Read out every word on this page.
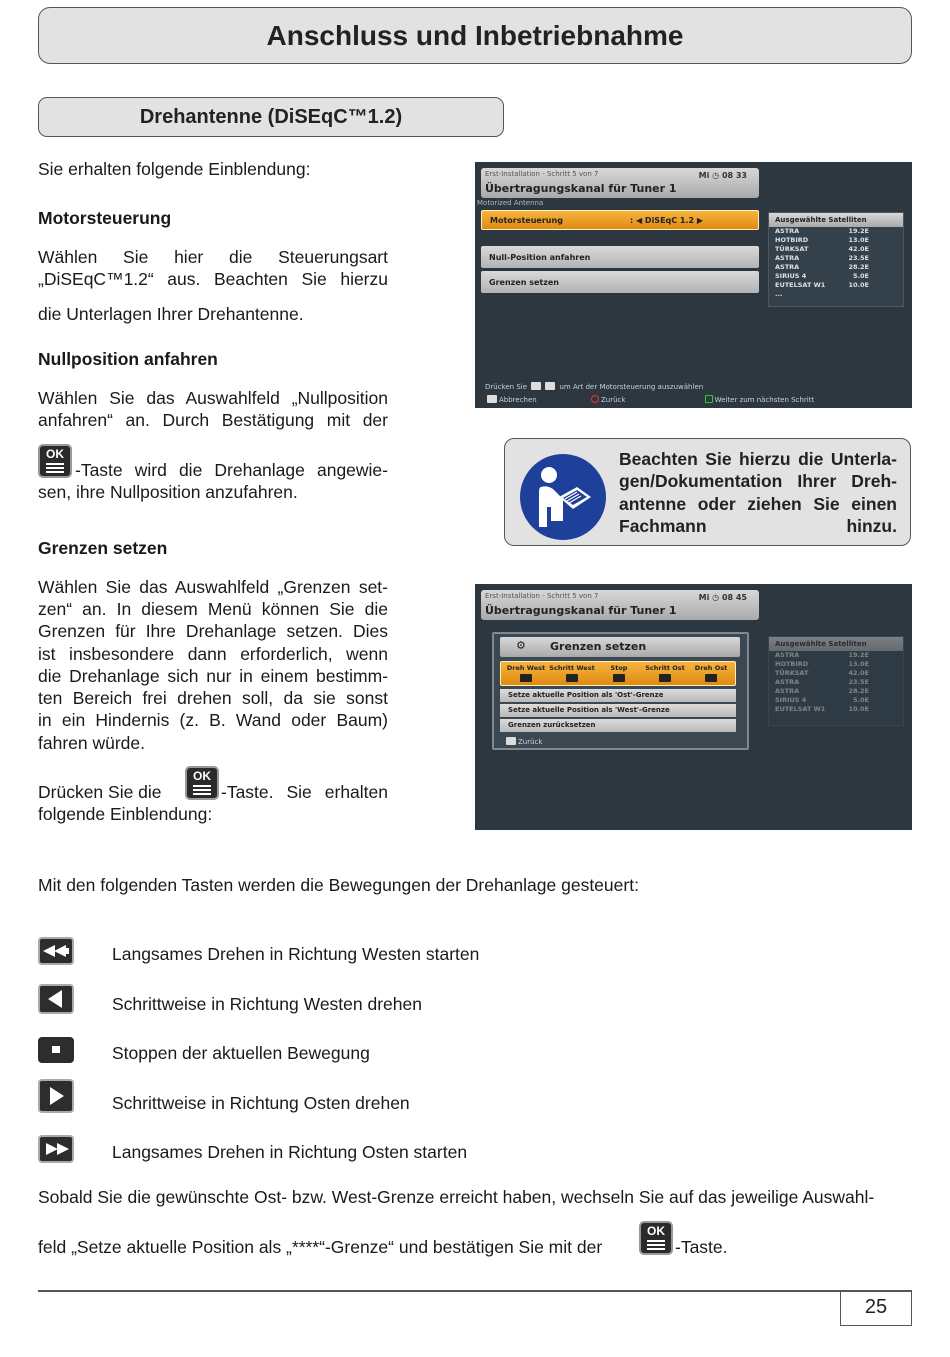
Anschluss und Inbetriebnahme
Drehantenne (DiSEqC™1.2)
Sie erhalten folgende Einblendung:
Motorsteuerung
Wählen Sie hier die Steuerungsart
„DiSEqC™1.2“ aus. Beachten Sie hierzu
die Unterlagen Ihrer Drehantenne.
Nullposition anfahren
Wählen Sie das Auswahlfeld „Nullposition
anfahren“ an. Durch Bestätigung mit der
OK
-Taste wird die Drehanlage angewie-
sen, ihre Nullposition anzufahren.
Grenzen setzen
Wählen Sie das Auswahlfeld „Grenzen set-
zen“ an. In diesem Menü können Sie die
Grenzen für Ihre Drehanlage setzen. Dies
ist insbesondere dann erforderlich, wenn
die Drehanlage sich nur in einem bestimm-
ten Bereich frei drehen soll, da sie sonst
in ein Hindernis (z. B. Wand oder Baum)
fahren würde.
Drücken Sie die
OK
-Taste. Sie erhalten
folgende Einblendung:
Erst-Installation - Schritt 5 von 7
Übertragungskanal für Tuner 1
Mi ◷ 08 33
Motorized Antenna
Motorsteuerung	: ◀ DiSEqC 1.2 ▶
Null-Position anfahren
Grenzen setzen
Ausgewählte Satelliten
ASTRA	19.2E
HOTBIRD	13.0E
TÜRKSAT	42.0E
ASTRA	23.5E
ASTRA	28.2E
SIRIUS 4	5.0E
EUTELSAT W1	10.0E
...
Drücken Sie	um Art der Motorsteuerung auszuwählen
Abbrechen	Zurück	Weiter zum nächsten Schritt
Beachten Sie hierzu die Unterla-gen/Dokumentation Ihrer Dreh-antenne oder ziehen Sie einen Fachmann hinzu.
Erst-Installation - Schritt 5 von 7
Übertragungskanal für Tuner 1
Mi ◷ 08 45
Ausgewählte Satelliten
ASTRA	19.2E
HOTBIRD	13.0E
TÜRKSAT	42.0E
ASTRA	23.5E
ASTRA	28.2E
SIRIUS 4	5.0E
EUTELSAT W1	10.0E
⚙ Grenzen setzen
Dreh West Schritt West	Stop	Schritt Ost	Dreh Ost
Setze aktuelle Position als 'Ost'-Grenze
Setze aktuelle Position als 'West'-Grenze
Grenzen zurücksetzen
Zurück
Mit den folgenden Tasten werden die Bewegungen der Drehanlage gesteuert:
Langsames Drehen in Richtung Westen starten
Schrittweise in Richtung Westen drehen
Stoppen der aktuellen Bewegung
Schrittweise in Richtung Osten drehen
Langsames Drehen in Richtung Osten starten
Sobald Sie die gewünschte Ost- bzw. West-Grenze erreicht haben, wechseln Sie auf das jeweilige Auswahl-
feld „Setze aktuelle Position als „****“-Grenze“ und bestätigen Sie mit der
OK
-Taste.
25
